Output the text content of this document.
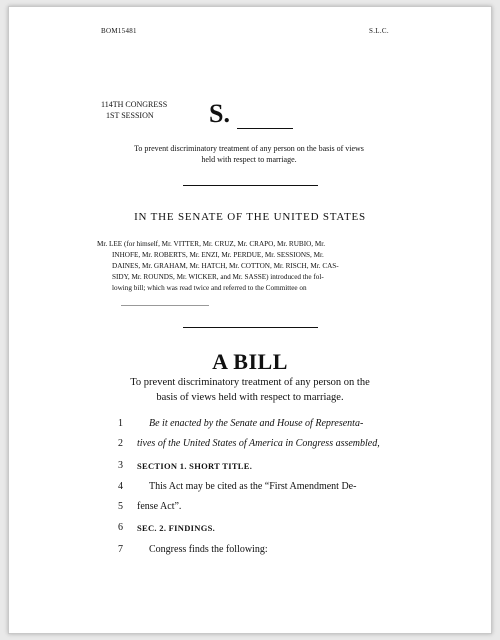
BOM15481	S.L.C.
114TH CONGRESS
1ST SESSION S.
To prevent discriminatory treatment of any person on the basis of views
held with respect to marriage.
IN THE SENATE OF THE UNITED STATES
Mr. LEE (for himself, Mr. VITTER, Mr. CRUZ, Mr. CRAPO, Mr. RUBIO, Mr.
INHOFE, Mr. ROBERTS, Mr. ENZI, Mr. PERDUE, Mr. SESSIONS, Mr.
DAINES, Mr. GRAHAM, Mr. HATCH, Mr. COTTON, Mr. RISCH, Mr. CAS-
SIDY, Mr. ROUNDS, Mr. WICKER, and Mr. SASSE) introduced the fol-
lowing bill; which was read twice and referred to the Committee on
A BILL
To prevent discriminatory treatment of any person on the
basis of views held with respect to marriage.
1	Be it enacted by the Senate and House of Representa-
2 tives of the United States of America in Congress assembled,
3 SECTION 1. SHORT TITLE.
4	This Act may be cited as the “First Amendment De-
5 fense Act”.
6 SEC. 2. FINDINGS.
7	Congress finds the following:
